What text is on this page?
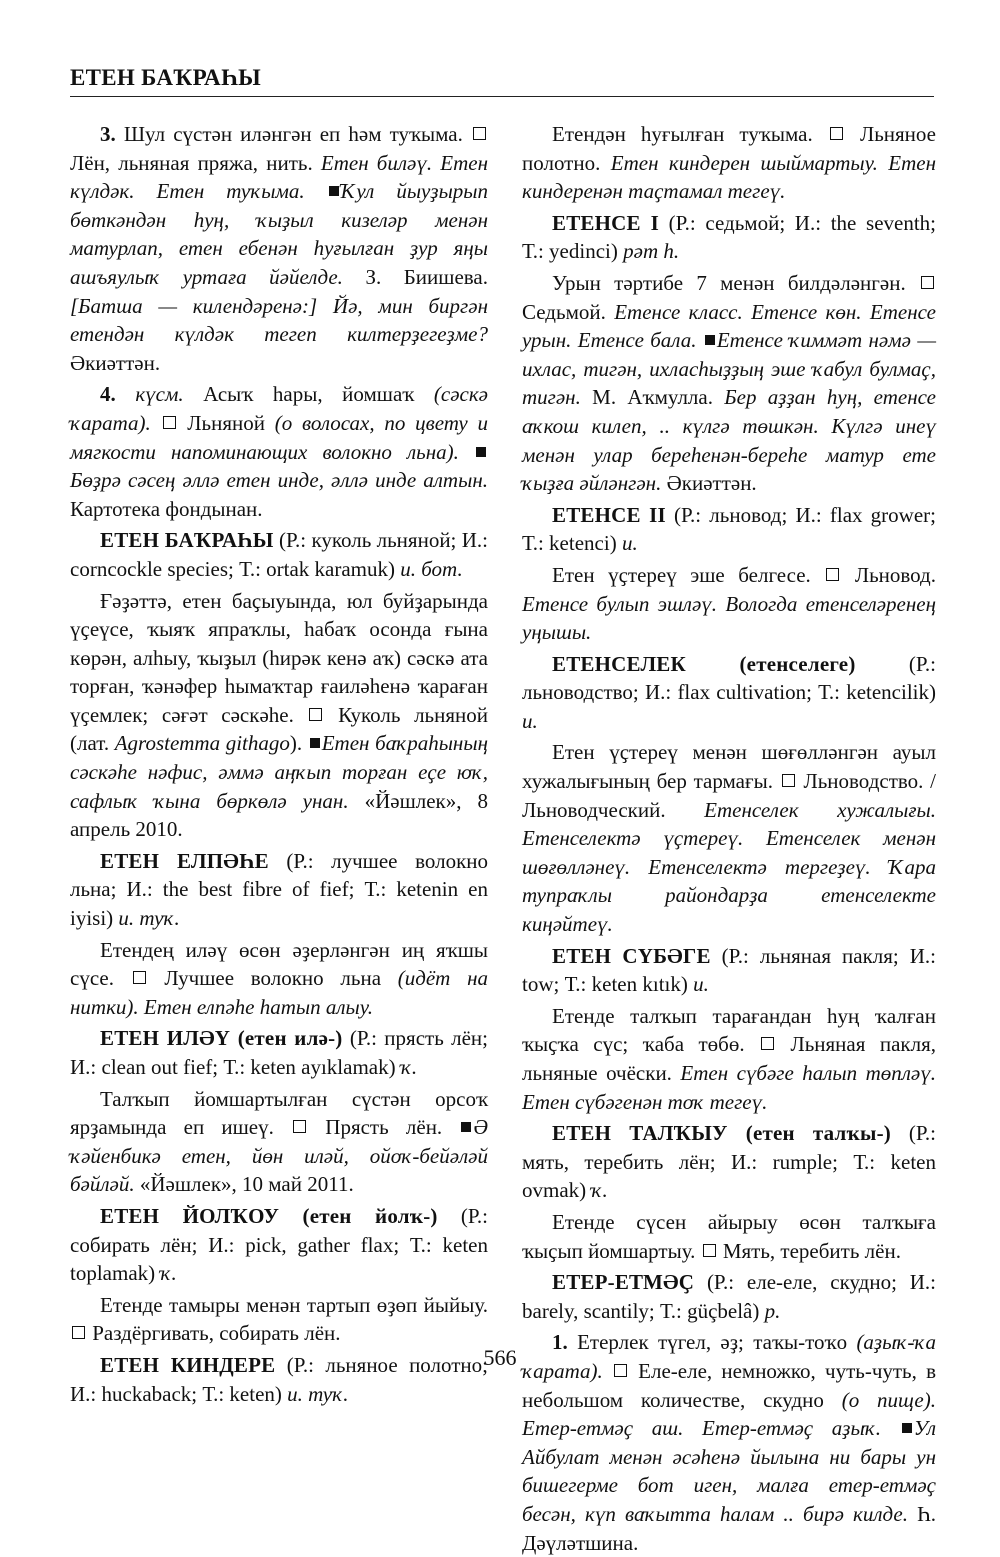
ЕТЕН БАҠРАҺЫ

3. Шул сүстән иләнгән еп һәм туҡыма.  Лён, льняная пряжа, нить. Етен биләү. Етен күлдәк. Етен туҡыма. Ҡул йыуҙырып бөткәндән һуң, ҡыҙыл кизеләр менән матурлап, етен ебенән һуғылған ҙур яңы ашъяулыҡ уртаға йәйелде. З. Биишева. [Батша — килендәренә:] Йә, мин биргән етендән күлдәк тегеп килтерҙегеҙме? Әкиәттән.

4. күсм. Асыҡ һары, йомшаҡ (сәскә ҡарата).  Льняной (о волосах, по цвету и мягкости напоминающих волокно льна). Бөҙрә сәсең әллә етен инде, әллә инде алтын. Картотека фондынан.

ЕТЕН БАҠРАҺЫ (Р.: куколь льняной; И.: corncockle species; Т.: ortak karamuk) и. бот.

Ғәҙәттә, етен баҫыуында, юл буйҙарында үҫеүсе, ҡыяҡ япраҡлы, һабаҡ осонда ғына көрән, алһыу, ҡыҙыл (һирәк кенә аҡ) сәскә ата торған, ҡәнәфер һымаҡтар ғаиләһенә ҡараған үҫемлек; сәғәт сәскәһе.  Куколь льняной (лат. Agrostemma githago). Етен баҡраһының сәскәһе нәфис, әммә аңҡып торған еҫе юҡ, сафлыҡ ҡына бөркөлә унан. «Йәшлек», 8 апрель 2010.

ЕТЕН ЕЛПӘҺЕ (Р.: лучшее волокно льна; И.: the best fibre of fief; Т.: ketenin en iyisi) и. туҡ.

Етендең иләү өсөн әҙерләнгән иң яҡшы сүсе.  Лучшее волокно льна (идёт на нитки). Етен елпәһе һатып алыу.

ЕТЕН ИЛӘҮ (етен илә-) (Р.: прясть лён; И.: clean out fief; Т.: keten ayıklamak) ҡ.

Талҡып йомшартылған сүстән орсоҡ ярҙамында еп ишеү.  Прясть лён. Ә ҡәйенбикә етен, йөн иләй, ойоҡ-бейәләй бәйләй. «Йәшлек», 10 май 2011.

ЕТЕН ЙОЛҠОУ (етен йолҡ-) (Р.: собирать лён; И.: pick, gather flax; Т.: keten toplamak) ҡ.

Етенде тамыры менән тартып өҙөп йыйыу.  Раздёргивать, собирать лён.

ЕТЕН КИНДЕРЕ (Р.: льняное полотно; И.: huckaback; Т.: keten) и. туҡ.

Етендән һуғылған туҡыма.  Льняное полотно. Етен киндерен шыймартыу. Етен киндеренән таҫтамал тегеү.

ЕТЕНСЕ I (Р.: седьмой; И.: the seventh; Т.: yedinci) рәт h.

Урын тәртибе 7 менән билдәләнгән.  Седьмой. Етенсе класс. Етенсе көн. Етенсе урын. Етенсе бала. Етенсе ҡиммәт нәмә — ихлас, тигән, ихласһыҙҙың эше ҡабул булмаҫ, тигән. М. Аҡмулла. Бер аҙҙан һуң, етенсе аҡкош килеп, .. күлгә төшкән. Күлгә инеү менән улар береһенән-береһе матур ете ҡыҙға әйләнгән. Әкиәттән.

ЕТЕНСЕ II (Р.: льновод; И.: flax grower; Т.: ketenci) и.

Етен үҫтереү эше белгесе.  Льновод. Етенсе булып эшләү. Вологда етенселәренең уңышы.

ЕТЕНСЕЛЕК (етенселеге) (Р.: льноводство; И.: flax cultivation; Т.: ketencilik) и.

Етен үҫтереү менән шөғөлләнгән ауыл хужалығының бер тармағы.  Льноводство. / Льноводческий. Етенселек хужалығы. Етенселектә үҫтереү. Етенселек менән шөғөлләнеү. Етенселектә тергеҙеү. Ҡара тупраҡлы райондарҙа етенселекте киңәйтеү.

ЕТЕН СҮБӘГЕ (Р.: льняная пакля; И.: tow; Т.: keten kıtık) и.

Етенде талҡып тарағандан һуң ҡалған ҡыҫҡа сүс; ҡаба төбө.  Льняная пакля, льняные очёски. Етен сүбәге һалып төпләү. Етен сүбәгенән тоҡ тегеү.

ЕТЕН ТАЛҠЫУ (етен талҡы-) (Р.: мять, теребить лён; И.: rumple; Т.: keten ovmak) ҡ.

Етенде сүсен айырыу өсөн талҡыға ҡыҫып йомшартыу.  Мять, теребить лён.

ЕТЕР-ЕТМӘҪ (Р.: еле-еле, скудно; И.: barely, scantily; Т.: güçbelâ) р.

1. Етерлек түгел, әҙ; таҡы-тоҡо (аҙыҡ-ҡа ҡарата).  Еле-еле, немножко, чуть-чуть, в небольшом количестве, скудно (о пище). Етер-етмәҫ аш. Етер-етмәҫ аҙыҡ. Ул Айбулат менән әсәһенә йылына ни бары ун бишегерме бот иген, малға етер-етмәҫ бесән, күп ваҡытта һалам .. бирә килде. Һ. Дәүләтшина.

566
